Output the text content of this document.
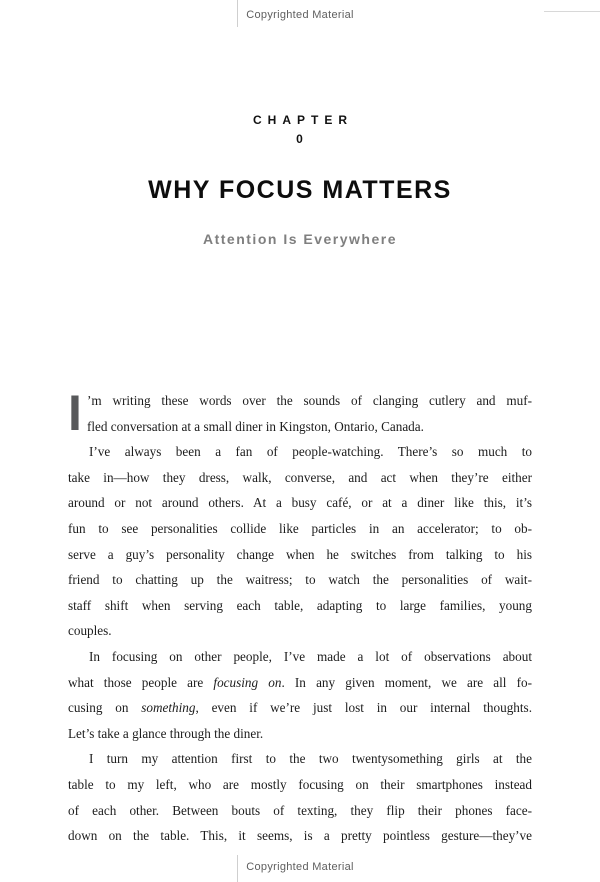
Copyrighted Material
CHAPTER
0
WHY FOCUS MATTERS
Attention Is Everywhere
I ’m writing these words over the sounds of clanging cutlery and muf-
fled conversation at a small diner in Kingston, Ontario, Canada.
I’ve always been a fan of people-watching. There’s so much to
take in—how they dress, walk, converse, and act when they’re either
around or not around others. At a busy café, or at a diner like this, it’s
fun to see personalities collide like particles in an accelerator; to ob-
serve a guy’s personality change when he switches from talking to his
friend to chatting up the waitress; to watch the personalities of wait-
staff shift when serving each table, adapting to large families, young
couples.
In focusing on other people, I’ve made a lot of observations about
what those people are focusing on. In any given moment, we are all fo-
cusing on something, even if we’re just lost in our internal thoughts.
Let’s take a glance through the diner.
I turn my attention first to the two twentysomething girls at the
table to my left, who are mostly focusing on their smartphones instead
of each other. Between bouts of texting, they flip their phones face-
down on the table. This, it seems, is a pretty pointless gesture—they’ve
Copyrighted Material
